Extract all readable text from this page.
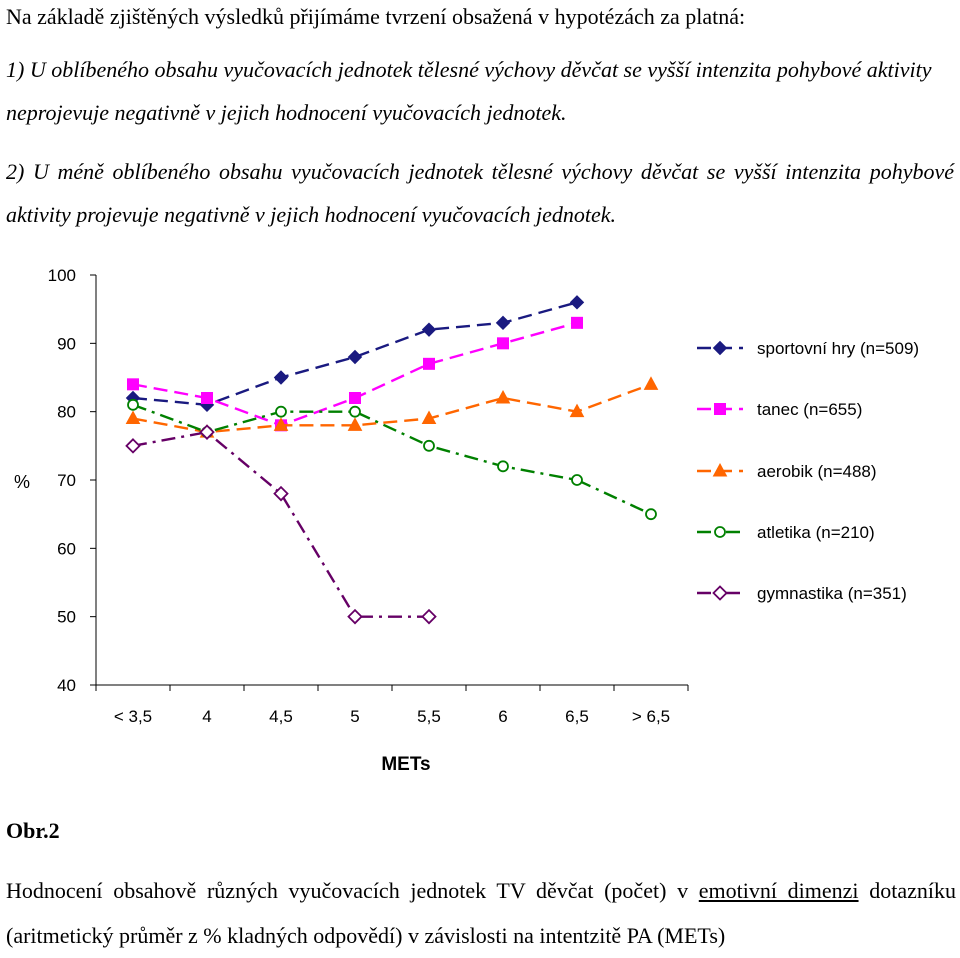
Na základě zjištěných výsledků přijímáme tvrzení obsažená v hypotézách za platná:
1) U oblíbeného obsahu vyučovacích jednotek tělesné výchovy děvčat se vyšší intenzita pohybové aktivity neprojevuje negativně v jejich hodnocení vyučovacích jednotek.
2) U méně oblíbeného obsahu vyučovacích jednotek tělesné výchovy děvčat se vyšší intenzita pohybové aktivity projevuje negativně v jejich hodnocení vyučovacích jednotek.
40
50
60
70
80
90
100
< 3,5	4	4,5	5	5,5	6	6,5	> 6,5
%
METs
sportovní hry (n=509)
tanec (n=655)
aerobik (n=488)
atletika (n=210)
gymnastika (n=351)
Obr.2
Hodnocení obsahově různých vyučovacích jednotek TV děvčat (počet) v emotivní dimenzi dotazníku (aritmetický průměr z % kladných odpovědí) v závislosti na intentzitě PA (METs)
